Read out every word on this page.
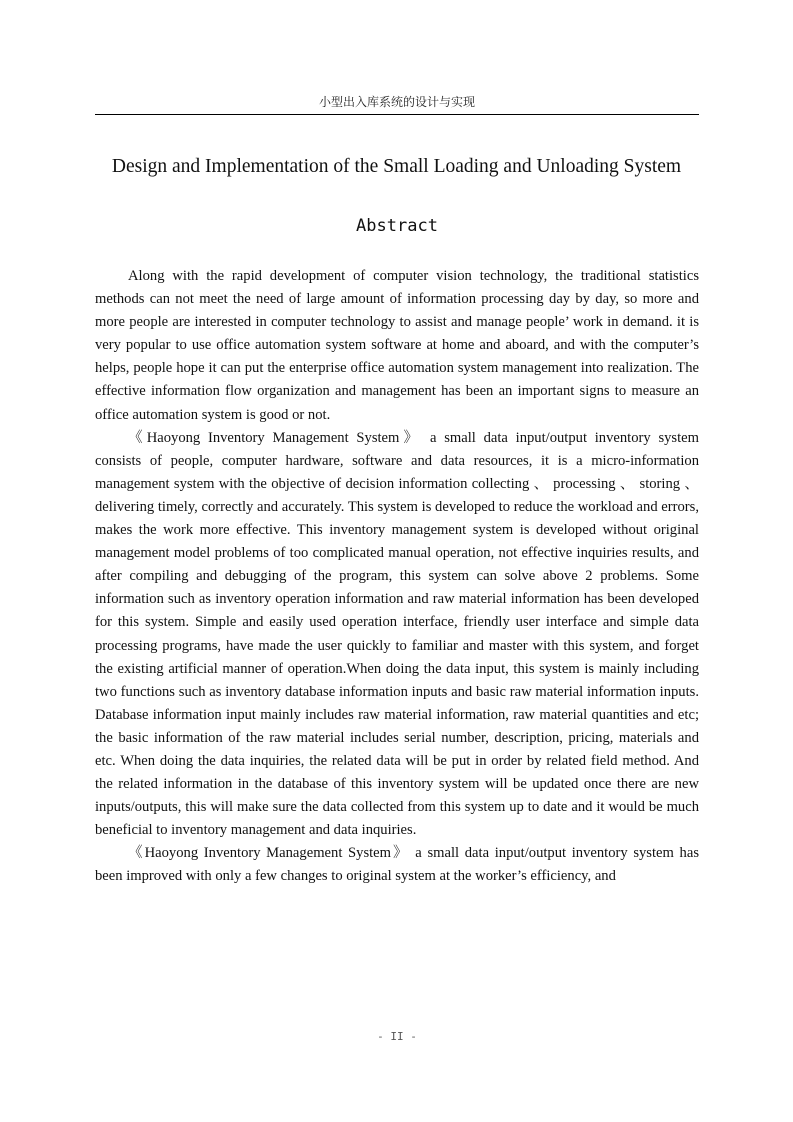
小型出入库系统的设计与实现
Design and Implementation of the Small Loading and Unloading System
Abstract

Along with the rapid development of computer vision technology, the traditional statistics methods can not meet the need of large amount of information processing day by day, so more and more people are interested in computer technology to assist and manage people’ work in demand. it is very popular to use office automation system software at home and aboard, and with the computer’s helps, people hope it can put the enterprise office automation system management into realization. The effective information flow organization and management has been an important signs to measure an office automation system is good or not.

《Haoyong Inventory Management System》 a small data input/output inventory system consists of people, computer hardware, software and data resources, it is a micro-information management system with the objective of decision information collecting 、 processing 、 storing 、 delivering timely, correctly and accurately. This system is developed to reduce the workload and errors, makes the work more effective. This inventory management system is developed without original management model problems of too complicated manual operation, not effective inquiries results, and after compiling and debugging of the program, this system can solve above 2 problems. Some information such as inventory operation information and raw material information has been developed for this system. Simple and easily used operation interface, friendly user interface and simple data processing programs, have made the user quickly to familiar and master with this system, and forget the existing artificial manner of operation.When doing the data input, this system is mainly including two functions such as inventory database information inputs and basic raw material information inputs. Database information input mainly includes raw material information, raw material quantities and etc; the basic information of the raw material includes serial number, description, pricing, materials and etc. When doing the data inquiries, the related data will be put in order by related field method. And the related information in the database of this inventory system will be updated once there are new inputs/outputs, this will make sure the data collected from this system up to date and it would be much beneficial to inventory management and data inquiries.

《Haoyong Inventory Management System》 a small data input/output inventory system has been improved with only a few changes to original system at the worker’s efficiency, and

- II -
